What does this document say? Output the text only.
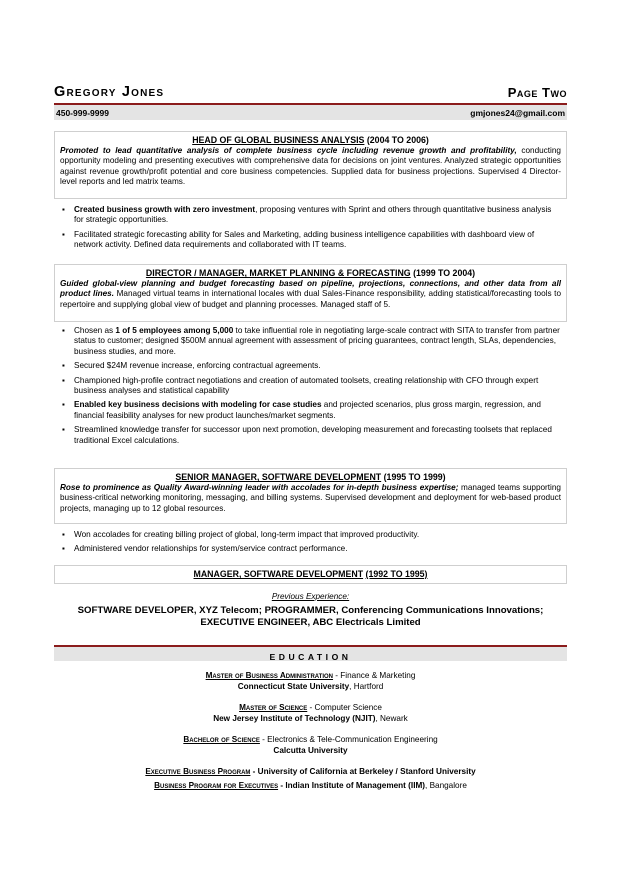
Gregory Jones	Page Two
450-999-9999	gmjones24@gmail.com
HEAD OF GLOBAL BUSINESS ANALYSIS (2004 TO 2006)

Promoted to lead quantitative analysis of complete business cycle including revenue growth and profitability, conducting opportunity modeling and presenting executives with comprehensive data for decisions on joint ventures. Analyzed strategic opportunities against revenue growth/profit potential and core business competencies. Supplied data for business projections. Supervised 4 Director-level reports and led matrix teams.

▪ Created business growth with zero investment, proposing ventures with Sprint and others through quantitative business analysis for strategic opportunities.
▪ Facilitated strategic forecasting ability for Sales and Marketing, adding business intelligence capabilities with dashboard view of network activity. Defined data requirements and collaborated with IT teams.
DIRECTOR / MANAGER, MARKET PLANNING & FORECASTING (1999 TO 2004)

Guided global-view planning and budget forecasting based on pipeline, projections, connections, and other data from all product lines. Managed virtual teams in international locales with dual Sales-Finance responsibility, adding statistical/forecasting tools to repertoire and supplying global view of budget and planning processes. Managed staff of 5.

▪ Chosen as 1 of 5 employees among 5,000 to take influential role in negotiating large-scale contract with SITA to transfer from partner status to customer; designed $500M annual agreement with assessment of pricing guarantees, contract length, SLAs, dependencies, business studies, and more.
▪ Secured $24M revenue increase, enforcing contractual agreements.
▪ Championed high-profile contract negotiations and creation of automated toolsets, creating relationship with CFO through expert business analyses and statistical capability
▪ Enabled key business decisions with modeling for case studies and projected scenarios, plus gross margin, regression, and financial feasibility analyses for new product launches/market segments.
▪ Streamlined knowledge transfer for successor upon next promotion, developing measurement and forecasting toolsets that replaced traditional Excel calculations.
SENIOR MANAGER, SOFTWARE DEVELOPMENT (1995 TO 1999)

Rose to prominence as Quality Award-winning leader with accolades for in-depth business expertise; managed teams supporting business-critical networking monitoring, messaging, and billing systems. Supervised development and deployment for web-based product projects, managing up to 12 global resources.

▪ Won accolades for creating billing project of global, long-term impact that improved productivity.
▪ Administered vendor relationships for system/service contract performance.
MANAGER, SOFTWARE DEVELOPMENT (1992 TO 1995)
Previous Experience:
SOFTWARE DEVELOPER, XYZ Telecom; PROGRAMMER, Conferencing Communications Innovations;
EXECUTIVE ENGINEER, ABC Electricals Limited
EDUCATION
Master of Business Administration - Finance & Marketing
Connecticut State University, Hartford
Master of Science - Computer Science
New Jersey Institute of Technology (NJIT), Newark
Bachelor of Science - Electronics & Tele-Communication Engineering
Calcutta University
Executive Business Program - University of California at Berkeley / Stanford University
Business Program for Executives - Indian Institute of Management (IIM), Bangalore
